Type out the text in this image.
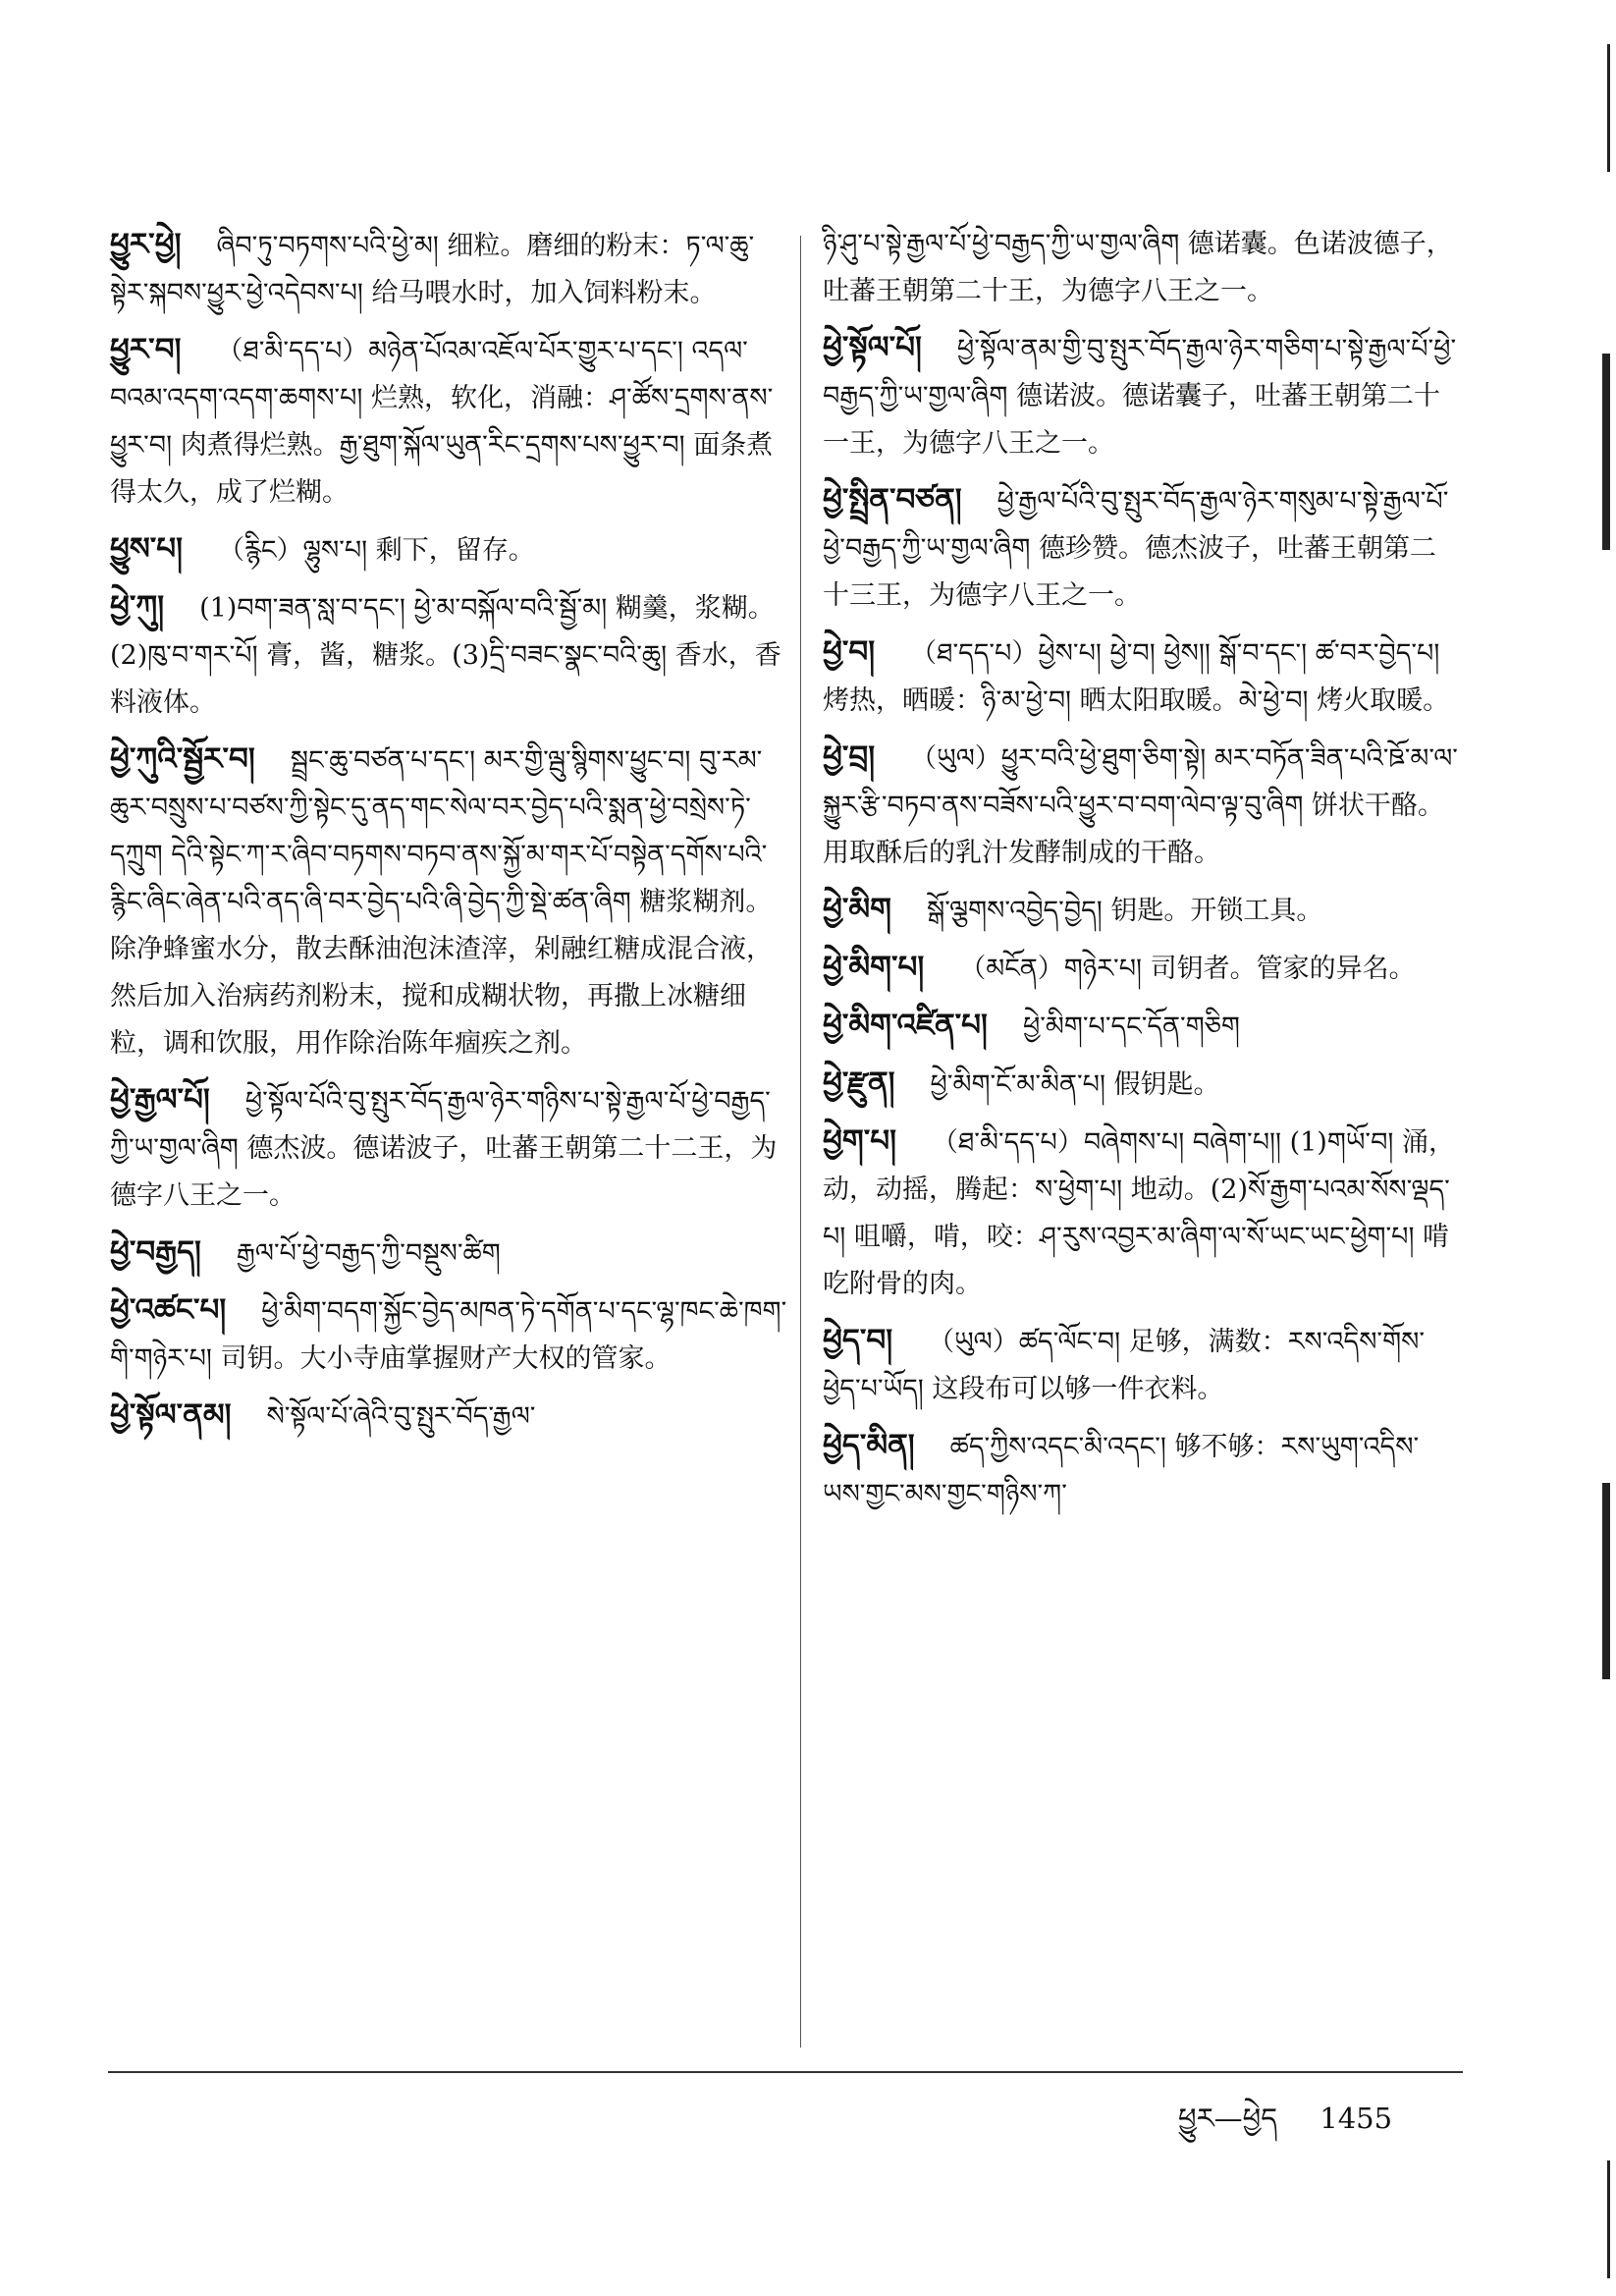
ཕྱུར་ཕྱེ། ཞིབ་ཏུ་བཏགས་པའི་ཕྱེ་མ། 细粒。磨细的粉末：ཏ་ལ་ཆུ་སྟེར་སྐབས་ཕྱུར་ཕྱེ་འདེབས་པ། 给马喂水时，加入饲料粉末。
ཕྱུར་བ། （ཐ་མི་དད་པ）མཉེན་པོའམ་འཇོལ་པོར་གྱུར་པ་དང་། འདལ་བའམ་འདག་འདག་ཆགས་པ། 烂熟，软化，消融：ཤ་ཚོས་དྲགས་ནས་ཕྱུར་བ། 肉煮得烂熟。རྒྱ་ཐུག་སྐོལ་ཡུན་རིང་དྲགས་པས་ཕྱུར་བ། 面条煮得太久，成了烂糊。
ཕྱུས་པ། （རྙིང）ལྷུས་པ། 剩下，留存。
ཕྱེ་ཀུ། (1)བག་ཟན་སླ་བ་དང་། ཕྱེ་མ་བསྐོལ་བའི་སྦྱོ་མ། 糊羹，浆糊。(2)ཁུ་བ་གར་པོ། 膏，酱，糖浆。(3)དྲི་བཟང་སྣང་བའི་ཆུ། 香水，香料液体。
ཕྱེ་ཀུའི་སྦྱོར་བ། སྦྲང་ཆུ་བཙན་པ་དང་། མར་གྱི་ལྦུ་སྙིགས་ཕྱུང་བ། བུ་རམ་ཆུར་བསྲུས་པ་བཙས་ཀྱི་སྟེང་དུ་ནད་གང་སེལ་བར་བྱེད་པའི་སྨན་ཕྱེ་བསྲེས་ཏེ་དཀྲུག དེའི་སྟེང་ཀ་ར་ཞིབ་བཏགས་བཏབ་ནས་སྐྱོ་མ་གར་པོ་བསྟེན་དགོས་པའི་རྙིང་ཞིང་ཞེན་པའི་ནད་ཞི་བར་བྱེད་པའི་ཞི་བྱེད་ཀྱི་སྡེ་ཚན་ཞིག 糖浆糊剂。除净蜂蜜水分，散去酥油泡沫渣滓，剁融红糖成混合液，然后加入治病药剂粉末，搅和成糊状物，再撒上冰糖细粒，调和饮服，用作除治陈年痼疾之剂。
ཕྱེ་རྒྱལ་པོ། ཕྱེ་སྟོལ་པོའི་བུ་སྤུར་བོད་རྒྱལ་ཉེར་གཉིས་པ་སྟེ་རྒྱལ་པོ་ཕྱེ་བརྒྱད་ཀྱི་ཡ་གྱལ་ཞིག 德杰波。德诺波子，吐蕃王朝第二十二王，为德字八王之一。
ཕྱེ་བརྒྱད། རྒྱལ་པོ་ཕྱེ་བརྒྱད་ཀྱི་བསྡུས་ཚིག
ཕྱེ་འཚང་པ། ཕྱེ་མིག་བདག་སྐྱོང་བྱེད་མཁན་ཏེ་དགོན་པ་དང་ལྷ་ཁང་ཆེ་ཁག་གི་གཉེར་པ། 司钥。大小寺庙掌握财产大权的管家。
ཕྱེ་སྟོལ་ནམ། སེ་སྟོལ་པོ་ཞེའི་བུ་སྤུར་བོད་རྒྱལ་
ཉི་ཤུ་པ་སྟེ་རྒྱལ་པོ་ཕྱེ་བརྒྱད་ཀྱི་ཡ་གྱལ་ཞིག 德诺囊。色诺波德子，吐蕃王朝第二十王，为德字八王之一。
ཕྱེ་སྟོལ་པོ། ཕྱེ་སྟོལ་ནམ་གྱི་བུ་སྤུར་བོད་རྒྱལ་ཉེར་གཅིག་པ་སྟེ་རྒྱལ་པོ་ཕྱེ་བརྒྱད་ཀྱི་ཡ་གྱལ་ཞིག 德诺波。德诺囊子，吐蕃王朝第二十一王，为德字八王之一。
ཕྱེ་སྤྲིན་བཙན། ཕྱེ་རྒྱལ་པོའི་བུ་སྤུར་བོད་རྒྱལ་ཉེར་གསུམ་པ་སྟེ་རྒྱལ་པོ་ཕྱེ་བརྒྱད་ཀྱི་ཡ་གྱལ་ཞིག 德珍赞。德杰波子，吐蕃王朝第二十三王，为德字八王之一。
ཕྱེ་བ། （ཐ་དད་པ）ཕྱེས་པ། ཕྱེ་བ། ཕྱེས།། སྒོ་བ་དང་། ཚ་བར་བྱེད་པ། 烤热，晒暖：ཉི་མ་ཕྱེ་བ། 晒太阳取暖。མེ་ཕྱེ་བ། 烤火取暖。
ཕྱེ་བྲ། （ཡུལ）ཕྱུར་བའི་ཕྱེ་ཐུག་ཅིག་སྟེ། མར་བཏོན་ཟིན་པའི་ཋོ་མ་ལ་སྐྱུར་རྩི་བཏབ་ནས་བཟོས་པའི་ཕྱུར་བ་བག་ལེབ་ལྟ་བུ་ཞིག 饼状干酪。用取酥后的乳汁发酵制成的干酪。
ཕྱེ་མིག སྒོ་ལྕགས་འབྱེད་བྱེད། 钥匙。开锁工具。
ཕྱེ་མིག་པ། （མངོན）གཉེར་པ། 司钥者。管家的异名。
ཕྱེ་མིག་འཛིན་པ། ཕྱེ་མིག་པ་དང་དོན་གཅིག
ཕྱེ་རྫུན། ཕྱེ་མིག་ངོ་མ་མིན་པ། 假钥匙。
ཕྱེག་པ། （ཐ་མི་དད་པ）བཞེགས་པ། བཞེག་པ།། (1)གཡོ་བ། 涌，动，动摇，腾起：ས་ཕྱེག་པ། 地动。(2)སོ་རྒྱག་པའམ་སོས་ལྡད་པ། 咀嚼，啃，咬：ཤ་རུས་འབྱར་མ་ཞིག་ལ་སོ་ཡང་ཡང་ཕྱེག་པ། 啃吃附骨的肉。
ཕྱེད་བ། （ཡུལ）ཚད་ལོང་བ། 足够，满数：རས་འདིས་གོས་ཕྱེད་པ་ཡོད། 这段布可以够一件衣料。
ཕྱེད་མིན། ཚད་ཀྱིས་འདང་མི་འདང་། 够不够：རས་ཡུག་འདིས་ཡས་གྱང་མས་གྱང་གཉིས་ཀ་
ཕྱུར—ཕྱེད 1455
